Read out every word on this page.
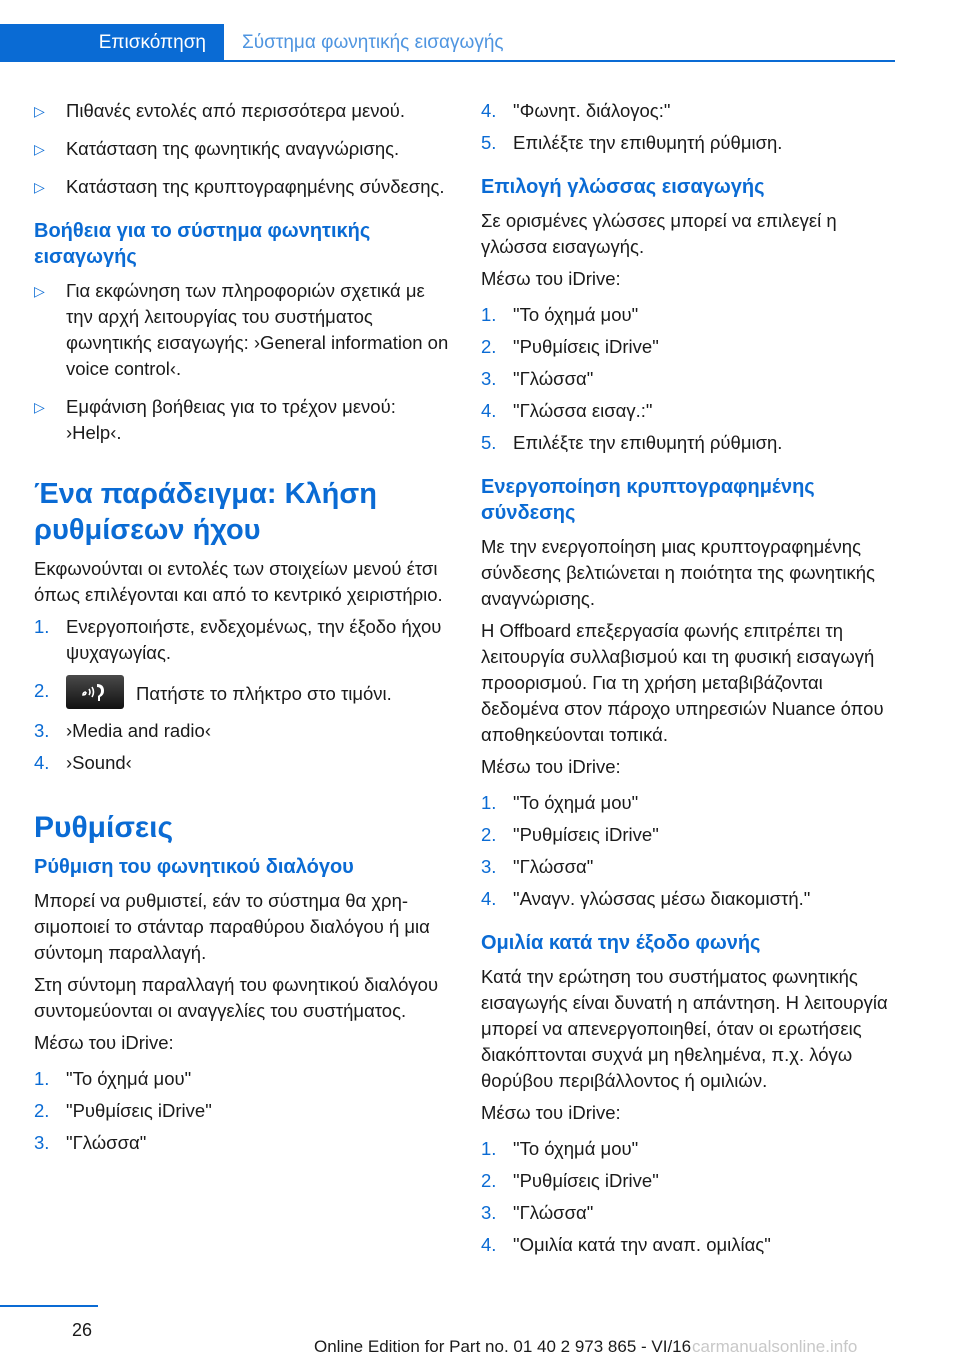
Επισκόπηση	Σύστημα φωνητικής εισαγωγής
▷ Πιθανές εντολές από περισσότερα μενού.
▷ Κατάσταση της φωνητικής αναγνώρισης.
▷ Κατάσταση της κρυπτογραφημένης σύνδεσης.
Βοήθεια για το σύστημα φωνητικής εισαγωγής
▷ Για εκφώνηση των πληροφοριών σχετικά με την αρχή λειτουργίας του συστήματος φωνητικής εισαγωγής: ›General information on voice control‹.
▷ Εμφάνιση βοήθειας για το τρέχον μενού: ›Help‹.
Ένα παράδειγμα: Κλήση ρυθμίσεων ήχου
Εκφωνούνται οι εντολές των στοιχείων μενού έτσι όπως επιλέγονται και από το κεντρικό χειριστήριο.
1. Ενεργοποιήστε, ενδεχομένως, την έξοδο ήχου ψυχαγωγίας.
2.	Πατήστε το πλήκτρο στο τιμόνι.
3. ›Media and radio‹
4. ›Sound‹
Ρυθμίσεις
Ρύθμιση του φωνητικού διαλόγου
Μπορεί να ρυθμιστεί, εάν το σύστημα θα χρησιμοποιεί το στάνταρ παραθύρου διαλόγου ή μια σύντομη παραλλαγή.
Στη σύντομη παραλλαγή του φωνητικού διαλόγου συντομεύονται οι αναγγελίες του συστήματος.
Μέσω του iDrive:
1. "Το όχημά μου"
2. "Ρυθμίσεις iDrive"
3. "Γλώσσα"
4. "Φωνητ. διάλογος:"
5. Επιλέξτε την επιθυμητή ρύθμιση.
Επιλογή γλώσσας εισαγωγής
Σε ορισμένες γλώσσες μπορεί να επιλεγεί η γλώσσα εισαγωγής.
Μέσω του iDrive:
1. "Το όχημά μου"
2. "Ρυθμίσεις iDrive"
3. "Γλώσσα"
4. "Γλώσσα εισαγ.:"
5. Επιλέξτε την επιθυμητή ρύθμιση.
Ενεργοποίηση κρυπτογραφημένης σύνδεσης
Με την ενεργοποίηση μιας κρυπτογραφημένης σύνδεσης βελτιώνεται η ποιότητα της φωνητικής αναγνώρισης.
Η Offboard επεξεργασία φωνής επιτρέπει τη λειτουργία συλλαβισμού και τη φυσική εισαγωγή προορισμού. Για τη χρήση μεταβιβάζονται δεδομένα στον πάροχο υπηρεσιών Nuance όπου αποθηκεύονται τοπικά.
Μέσω του iDrive:
1. "Το όχημά μου"
2. "Ρυθμίσεις iDrive"
3. "Γλώσσα"
4. "Αναγν. γλώσσας μέσω διακομιστή."
Ομιλία κατά την έξοδο φωνής
Κατά την ερώτηση του συστήματος φωνητικής εισαγωγής είναι δυνατή η απάντηση. Η λειτουργία μπορεί να απενεργοποιηθεί, όταν οι ερωτήσεις διακόπτονται συχνά μη ηθελημένα, π.χ. λόγω θορύβου περιβάλλοντος ή ομιλιών.
Μέσω του iDrive:
1. "Το όχημά μου"
2. "Ρυθμίσεις iDrive"
3. "Γλώσσα"
4. "Ομιλία κατά την αναπ. ομιλίας"
26
Online Edition for Part no. 01 40 2 973 865 - VI/16 carmanualsonline.info
